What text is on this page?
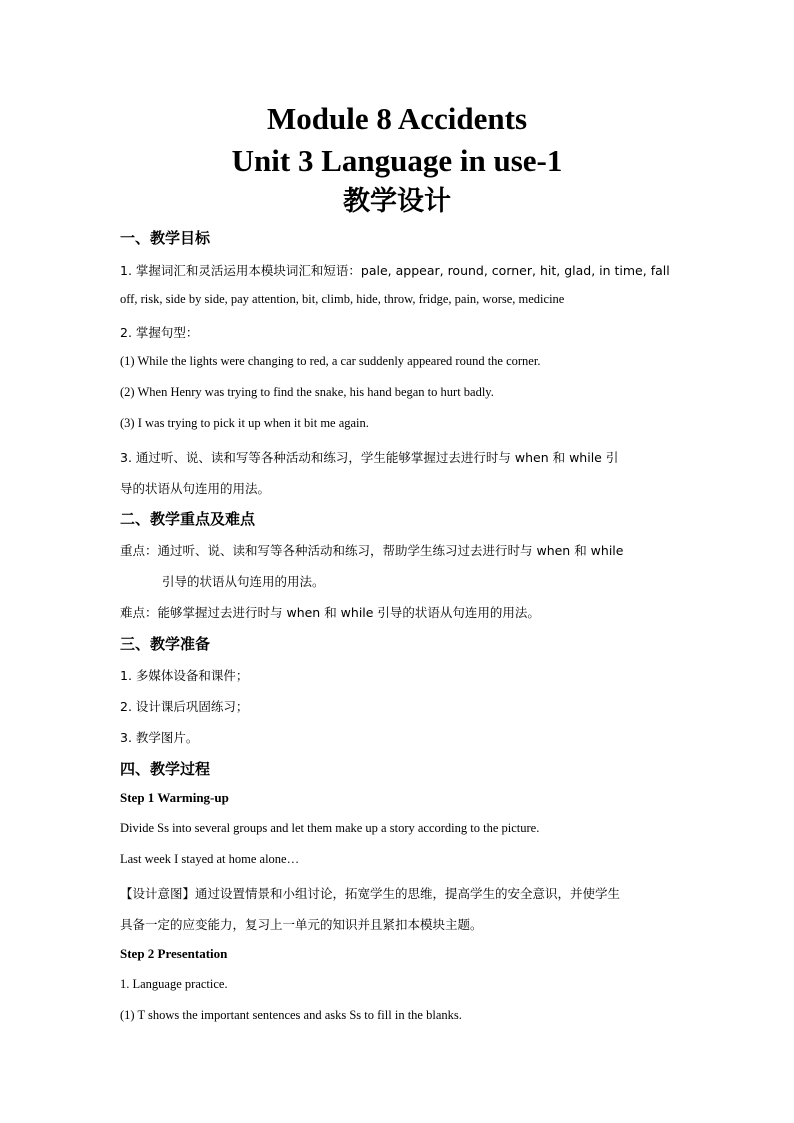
Module 8 Accidents
Unit 3 Language in use-1
教学设计
一、教学目标
1. 掌握词汇和灵活运用本模块词汇和短语：pale, appear, round, corner, hit, glad, in time, fall
off, risk, side by side, pay attention, bit, climb, hide, throw, fridge, pain, worse, medicine
2. 掌握句型：
(1) While the lights were changing to red, a car suddenly appeared round the corner.
(2) When Henry was trying to find the snake, his hand began to hurt badly.
(3) I was trying to pick it up when it bit me again.
3. 通过听、说、读和写等各种活动和练习，学生能够掌握过去进行时与 when 和 while 引
导的状语从句连用的用法。
二、教学重点及难点
重点：通过听、说、读和写等各种活动和练习，帮助学生练习过去进行时与 when 和 while
引导的状语从句连用的用法。
难点：能够掌握过去进行时与 when 和 while 引导的状语从句连用的用法。
三、教学准备
1. 多媒体设备和课件；
2. 设计课后巩固练习；
3. 教学图片。
四、教学过程
Step 1 Warming-up
Divide Ss into several groups and let them make up a story according to the picture.
Last week I stayed at home alone…
【设计意图】通过设置情景和小组讨论，拓宽学生的思维，提高学生的安全意识，并使学生
具备一定的应变能力，复习上一单元的知识并且紧扣本模块主题。
Step 2 Presentation
1. Language practice.
(1) T shows the important sentences and asks Ss to fill in the blanks.
